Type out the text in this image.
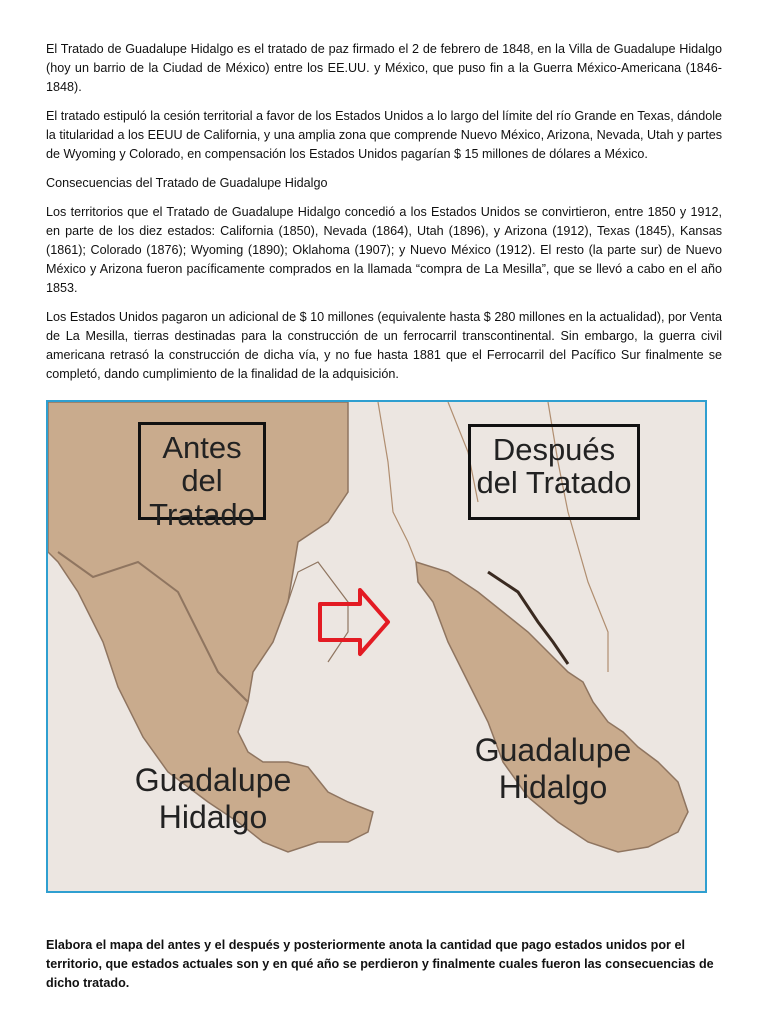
El Tratado de Guadalupe Hidalgo es el tratado de paz firmado el 2 de febrero de 1848, en la Villa de Guadalupe Hidalgo (hoy un barrio de la Ciudad de México) entre los EE.UU. y México, que puso fin a la Guerra México-Americana (1846-1848).

El tratado estipuló la cesión territorial a favor de los Estados Unidos a lo largo del límite del río Grande en Texas, dándole la titularidad a los EEUU de California, y una amplia zona que comprende Nuevo México, Arizona, Nevada, Utah y partes de Wyoming y Colorado, en compensación los Estados Unidos pagarían $ 15 millones de dólares a México.

Consecuencias del Tratado de Guadalupe Hidalgo

Los territorios que el Tratado de Guadalupe Hidalgo concedió a los Estados Unidos se convirtieron, entre 1850 y 1912, en parte de los diez estados: California (1850), Nevada (1864), Utah (1896), y Arizona (1912), Texas (1845), Kansas (1861); Colorado (1876); Wyoming (1890); Oklahoma (1907); y Nuevo México (1912). El resto (la parte sur) de Nuevo México y Arizona fueron pacíficamente comprados en la llamada “compra de La Mesilla”, que se llevó a cabo en el año 1853.

Los Estados Unidos pagaron un adicional de $ 10 millones (equivalente hasta $ 280 millones en la actualidad), por Venta de La Mesilla, tierras destinadas para la construcción de un ferrocarril transcontinental. Sin embargo, la guerra civil americana retrasó la construcción de dicha vía, y no fue hasta 1881 que el Ferrocarril del Pacífico Sur finalmente se completó, dando cumplimiento de la finalidad de la adquisición.

Antes del Tratado
Después del Tratado
Guadalupe Hidalgo
Guadalupe Hidalgo
Elabora el mapa del antes y el después y posteriormente anota la cantidad que pago estados unidos por el territorio, que estados actuales son y en qué año se perdieron y finalmente cuales fueron las consecuencias de dicho tratado.
